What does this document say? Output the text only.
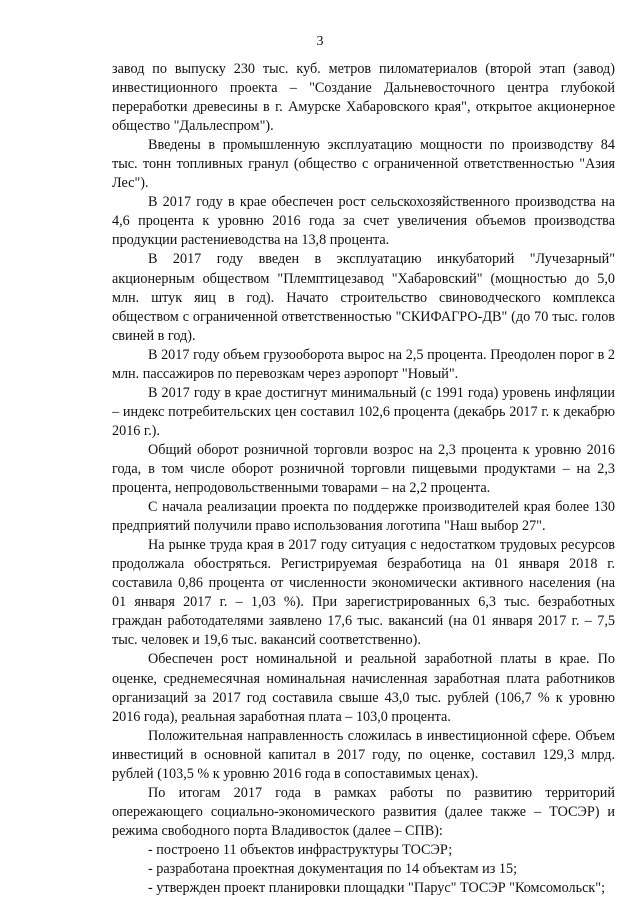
3

завод по выпуску 230 тыс. куб. метров пиломатериалов (второй этап (завод) инвестиционного проекта – "Создание Дальневосточного центра глубокой переработки древесины в г. Амурске Хабаровского края", открытое акционерное общество "Дальлеспром").

Введены в промышленную эксплуатацию мощности по производству 84 тыс. тонн топливных гранул (общество с ограниченной ответственностью "Азия Лес").

В 2017 году в крае обеспечен рост сельскохозяйственного производства на 4,6 процента к уровню 2016 года за счет увеличения объемов производства продукции растениеводства на 13,8 процента.

В 2017 году введен в эксплуатацию инкубаторий "Лучезарный" акционерным обществом "Племптицезавод "Хабаровский" (мощностью до 5,0 млн. штук яиц в год). Начато строительство свиноводческого комплекса обществом с ограниченной ответственностью "СКИФАГРО-ДВ" (до 70 тыс. голов свиней в год).

В 2017 году объем грузооборота вырос на 2,5 процента. Преодолен порог в 2 млн. пассажиров по перевозкам через аэропорт "Новый".

В 2017 году в крае достигнут минимальный (с 1991 года) уровень инфляции – индекс потребительских цен составил 102,6 процента (декабрь 2017 г. к декабрю 2016 г.).

Общий оборот розничной торговли возрос на 2,3 процента к уровню 2016 года, в том числе оборот розничной торговли пищевыми продуктами – на 2,3 процента, непродовольственными товарами – на 2,2 процента.

С начала реализации проекта по поддержке производителей края более 130 предприятий получили право использования логотипа "Наш выбор 27".

На рынке труда края в 2017 году ситуация с недостатком трудовых ресурсов продолжала обостряться. Регистрируемая безработица на 01 января 2018 г. составила 0,86 процента от численности экономически активного населения (на 01 января 2017 г. – 1,03 %). При зарегистрированных 6,3 тыс. безработных граждан работодателями заявлено 17,6 тыс. вакансий (на 01 января 2017 г. – 7,5 тыс. человек и 19,6 тыс. вакансий соответственно).

Обеспечен рост номинальной и реальной заработной платы в крае. По оценке, среднемесячная номинальная начисленная заработная плата работников организаций за 2017 год составила свыше 43,0 тыс. рублей (106,7 % к уровню 2016 года), реальная заработная плата – 103,0 процента.

Положительная направленность сложилась в инвестиционной сфере. Объем инвестиций в основной капитал в 2017 году, по оценке, составил 129,3 млрд. рублей (103,5 % к уровню 2016 года в сопоставимых ценах).

По итогам 2017 года в рамках работы по развитию территорий опережающего социально-экономического развития (далее также – ТОСЭР) и режима свободного порта Владивосток (далее – СПВ):

- построено 11 объектов инфраструктуры ТОСЭР;

- разработана проектная документация по 14 объектам из 15;

- утвержден проект планировки площадки "Парус" ТОСЭР "Комсомольск";
